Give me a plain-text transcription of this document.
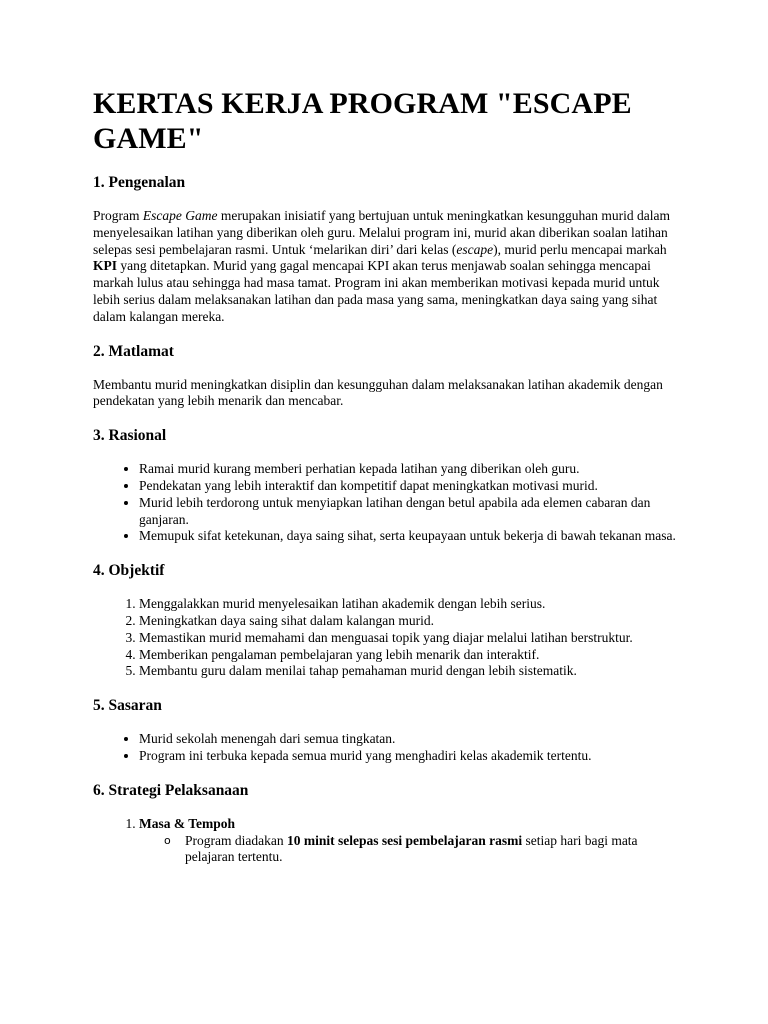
KERTAS KERJA PROGRAM "ESCAPE GAME"
1. Pengenalan

Program Escape Game merupakan inisiatif yang bertujuan untuk meningkatkan kesungguhan murid dalam menyelesaikan latihan yang diberikan oleh guru. Melalui program ini, murid akan diberikan soalan latihan selepas sesi pembelajaran rasmi. Untuk ‘melarikan diri’ dari kelas (escape), murid perlu mencapai markah KPI yang ditetapkan. Murid yang gagal mencapai KPI akan terus menjawab soalan sehingga mencapai markah lulus atau sehingga had masa tamat. Program ini akan memberikan motivasi kepada murid untuk lebih serius dalam melaksanakan latihan dan pada masa yang sama, meningkatkan daya saing yang sihat dalam kalangan mereka.

2. Matlamat

Membantu murid meningkatkan disiplin dan kesungguhan dalam melaksanakan latihan akademik dengan pendekatan yang lebih menarik dan mencabar.

3. Rasional
• Ramai murid kurang memberi perhatian kepada latihan yang diberikan oleh guru.
• Pendekatan yang lebih interaktif dan kompetitif dapat meningkatkan motivasi murid.
• Murid lebih terdorong untuk menyiapkan latihan dengan betul apabila ada elemen cabaran dan ganjaran.
• Memupuk sifat ketekunan, daya saing sihat, serta keupayaan untuk bekerja di bawah tekanan masa.
4. Objektif
1. Menggalakkan murid menyelesaikan latihan akademik dengan lebih serius.
2. Meningkatkan daya saing sihat dalam kalangan murid.
3. Memastikan murid memahami dan menguasai topik yang diajar melalui latihan berstruktur.
4. Memberikan pengalaman pembelajaran yang lebih menarik dan interaktif.
5. Membantu guru dalam menilai tahap pemahaman murid dengan lebih sistematik.
5. Sasaran
• Murid sekolah menengah dari semua tingkatan.
• Program ini terbuka kepada semua murid yang menghadiri kelas akademik tertentu.
6. Strategi Pelaksanaan
1. Masa & Tempoh
o Program diadakan 10 minit selepas sesi pembelajaran rasmi setiap hari bagi mata pelajaran tertentu.
